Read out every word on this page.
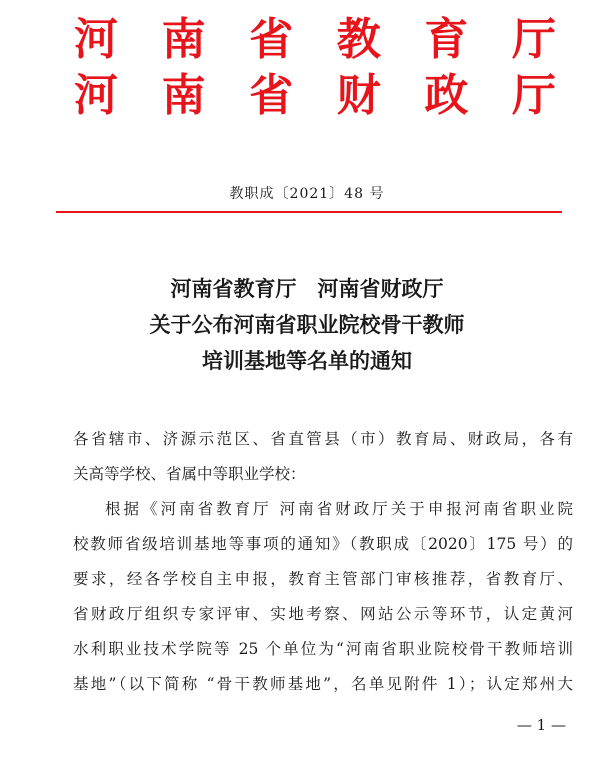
河 南 省 教 育 厅
河 南 省 财 政 厅
教职成〔2021〕48 号
河南省教育厅　河南省财政厅
关于公布河南省职业院校骨干教师
培训基地等名单的通知
各省辖市、济源示范区、省直管县（市）教育局、财政局，各有
关高等学校、省属中等职业学校：
根据《河南省教育厅 河南省财政厅关于申报河南省职业院
校教师省级培训基地等事项的通知》（教职成〔2020〕175 号）的
要求，经各学校自主申报，教育主管部门审核推荐，省教育厅、
省财政厅组织专家评审、实地考察、网站公示等环节，认定黄河
水利职业技术学院等 25 个单位为“河南省职业院校骨干教师培训
基地”（以下简称 “骨干教师基地”，名单见附件 1）；认定郑州大
— 1 —
